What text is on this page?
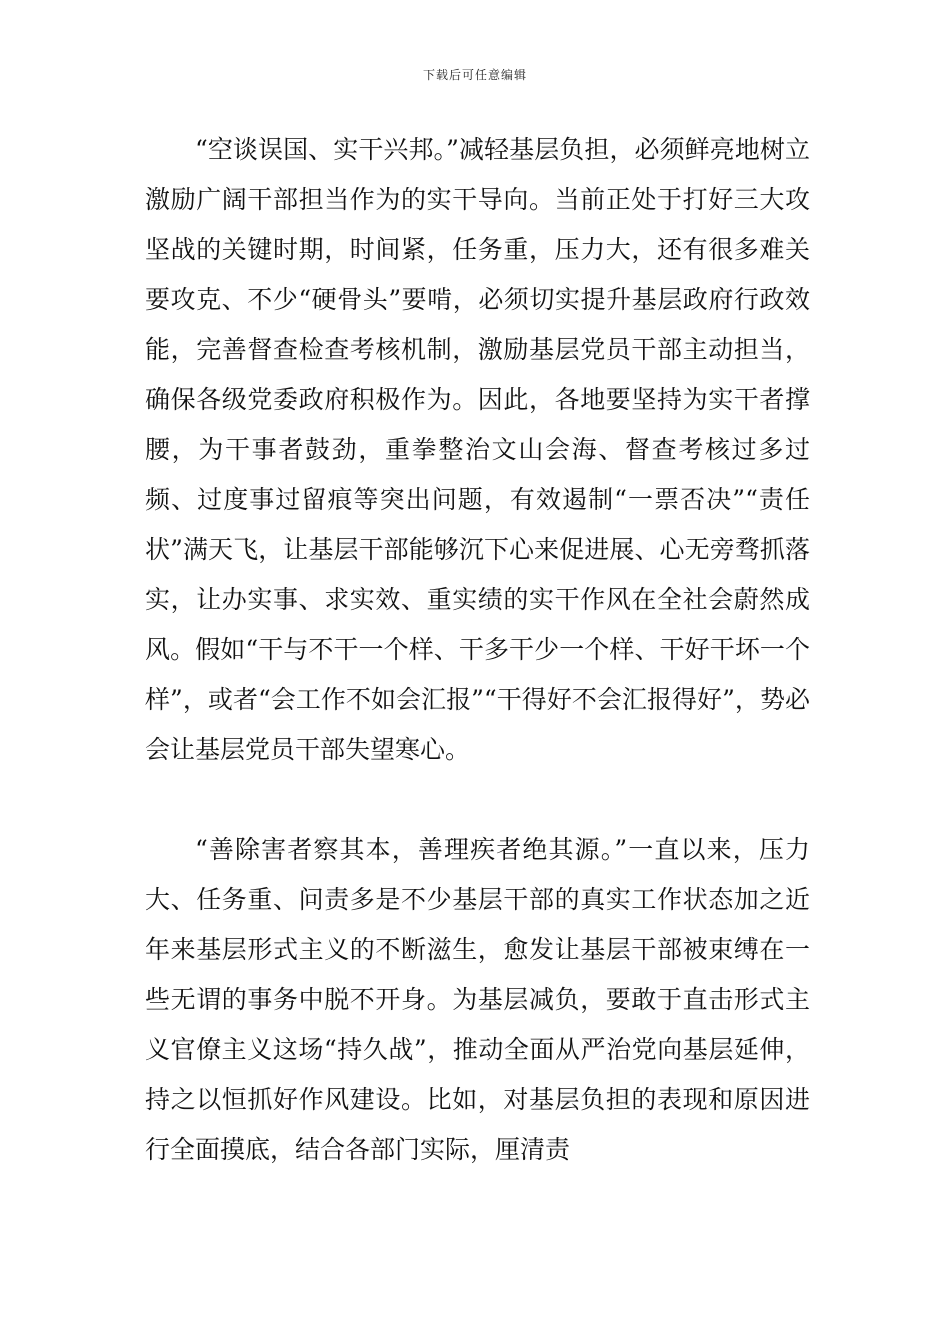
下载后可任意编辑

“空谈误国、实干兴邦。”减轻基层负担，必须鲜亮地树立激励广阔干部担当作为的实干导向。当前正处于打好三大攻坚战的关键时期，时间紧，任务重，压力大，还有很多难关要攻克、不少“硬骨头”要啃，必须切实提升基层政府行政效能，完善督查检查考核机制，激励基层党员干部主动担当，确保各级党委政府积极作为。因此，各地要坚持为实干者撑腰，为干事者鼓劲，重拳整治文山会海、督查考核过多过频、过度事过留痕等突出问题，有效遏制“一票否决”“责任状”满天飞，让基层干部能够沉下心来促进展、心无旁骛抓落实，让办实事、求实效、重实绩的实干作风在全社会蔚然成风。假如“干与不干一个样、干多干少一个样、干好干坏一个样”，或者“会工作不如会汇报”“干得好不会汇报得好”，势必会让基层党员干部失望寒心。

“善除害者察其本，善理疾者绝其源。”一直以来，压力大、任务重、问责多是不少基层干部的真实工作状态加之近年来基层形式主义的不断滋生，愈发让基层干部被束缚在一些无谓的事务中脱不开身。为基层减负，要敢于直击形式主义官僚主义这场“持久战”，推动全面从严治党向基层延伸，持之以恒抓好作风建设。比如，对基层负担的表现和原因进行全面摸底，结合各部门实际，厘清责
